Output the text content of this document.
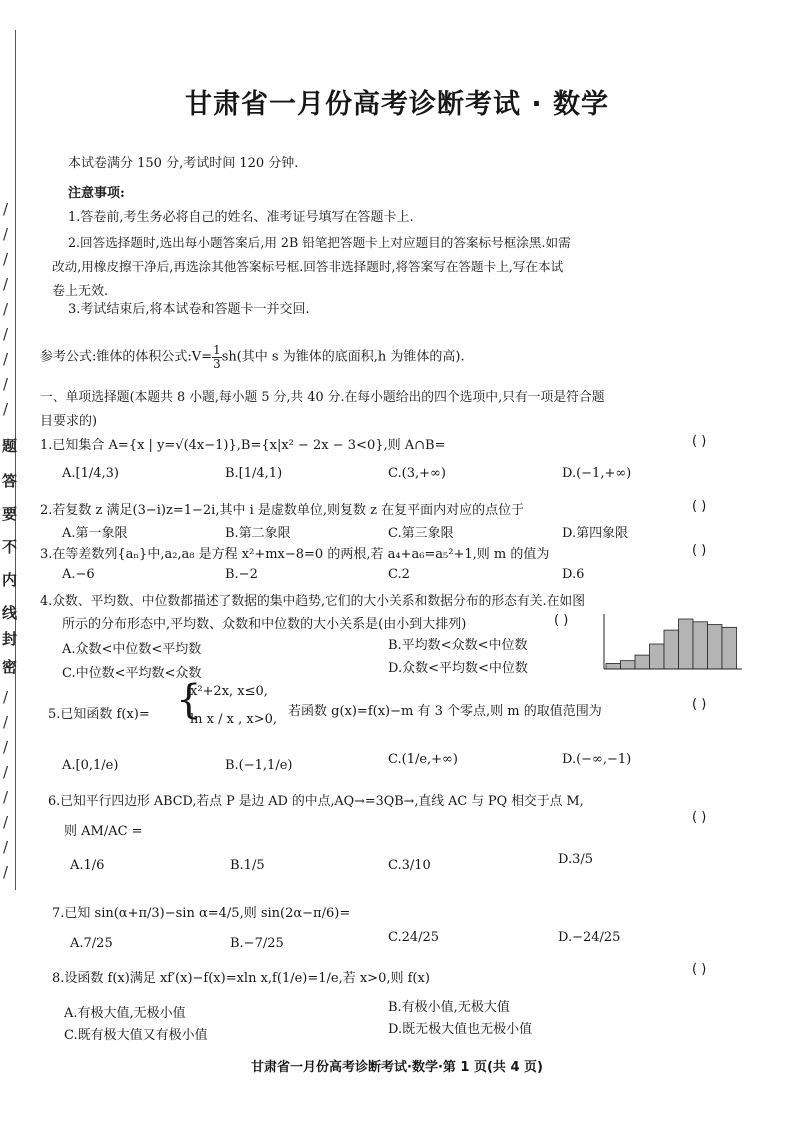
/
/
/
/
/
/
/
/
/
题
答
要
不
内
线
封
密
/
/
/
/
/
/
/
/
甘肃省一月份高考诊断考试 · 数学
本试卷满分 150 分,考试时间 120 分钟.
注意事项:
1.答卷前,考生务必将自己的姓名、准考证号填写在答题卡上.
2.回答选择题时,选出每小题答案后,用 2B 铅笔把答题卡上对应题目的答案标号框涂黑.如需
改动,用橡皮擦干净后,再选涂其他答案标号框.回答非选择题时,将答案写在答题卡上,写在本试
卷上无效.
3.考试结束后,将本试卷和答题卡一并交回.
参考公式:锥体的体积公式:V= $\frac{1}{3} sh$(其中 s 为锥体的底面积,h 为锥体的高).
一、单项选择题(本题共 8 小题,每小题 5 分,共 40 分.在每小题给出的四个选项中,只有一项是符合题
目要求的)
1.已知集合 A={x | y=√(4x−1)},B={x|x² − 2x − 3<0},则 A∩B=	( )
A.[1/4,3)	B.[1/4,1)	C.(3,+∞)	D.(−1,+∞)
2.若复数 z 满足(3−i)z=1−2i,其中 i 是虚数单位,则复数 z 在复平面内对应的点位于	( )
A.第一象限	B.第二象限	C.第三象限	D.第四象限
3.在等差数列{aₙ}中,a₂,a₈ 是方程 x²+mx−8=0 的两根,若 a₄+a₆=a₅²+1,则 m 的值为	( )
A.−6	B.−2	C.2	D.6
4.众数、平均数、中位数都描述了数据的集中趋势,它们的大小关系和数据分布的形态有关.在如图
所示的分布形态中,平均数、众数和中位数的大小关系是(由小到大排列)	( )
A.众数<中位数<平均数	B.平均数<众数<中位数
C.中位数<平均数<众数	D.众数<平均数<中位数
5.已知函数 f(x)= {
x²+2x, x≤0,
ln x / x , x>0,
若函数 g(x)=f(x)−m 有 3 个零点,则 m 的取值范围为	( )
A.[0,1/e)	B.(−1,1/e)	C.(1/e,+∞)	D.(−∞,−1)
6.已知平行四边形 ABCD,若点 P 是边 AD 的中点,AQ→=3QB→,直线 AC 与 PQ 相交于点 M,
则 AM/AC =
( )
A.1/6	B.1/5	C.3/10	D.3/5
7.已知 sin(α+π/3)−sin α=4/5,则 sin(2α−π/6)=
A.7/25	B.−7/25	C.24/25	D.−24/25
8.设函数 f(x)满足 xf′(x)−f(x)=xln x,f(1/e)=1/e,若 x>0,则 f(x)
( )
A.有极大值,无极小值	B.有极小值,无极大值
C.既有极大值又有极小值	D.既无极大值也无极小值
甘肃省一月份高考诊断考试·数学·第 1 页(共 4 页)
